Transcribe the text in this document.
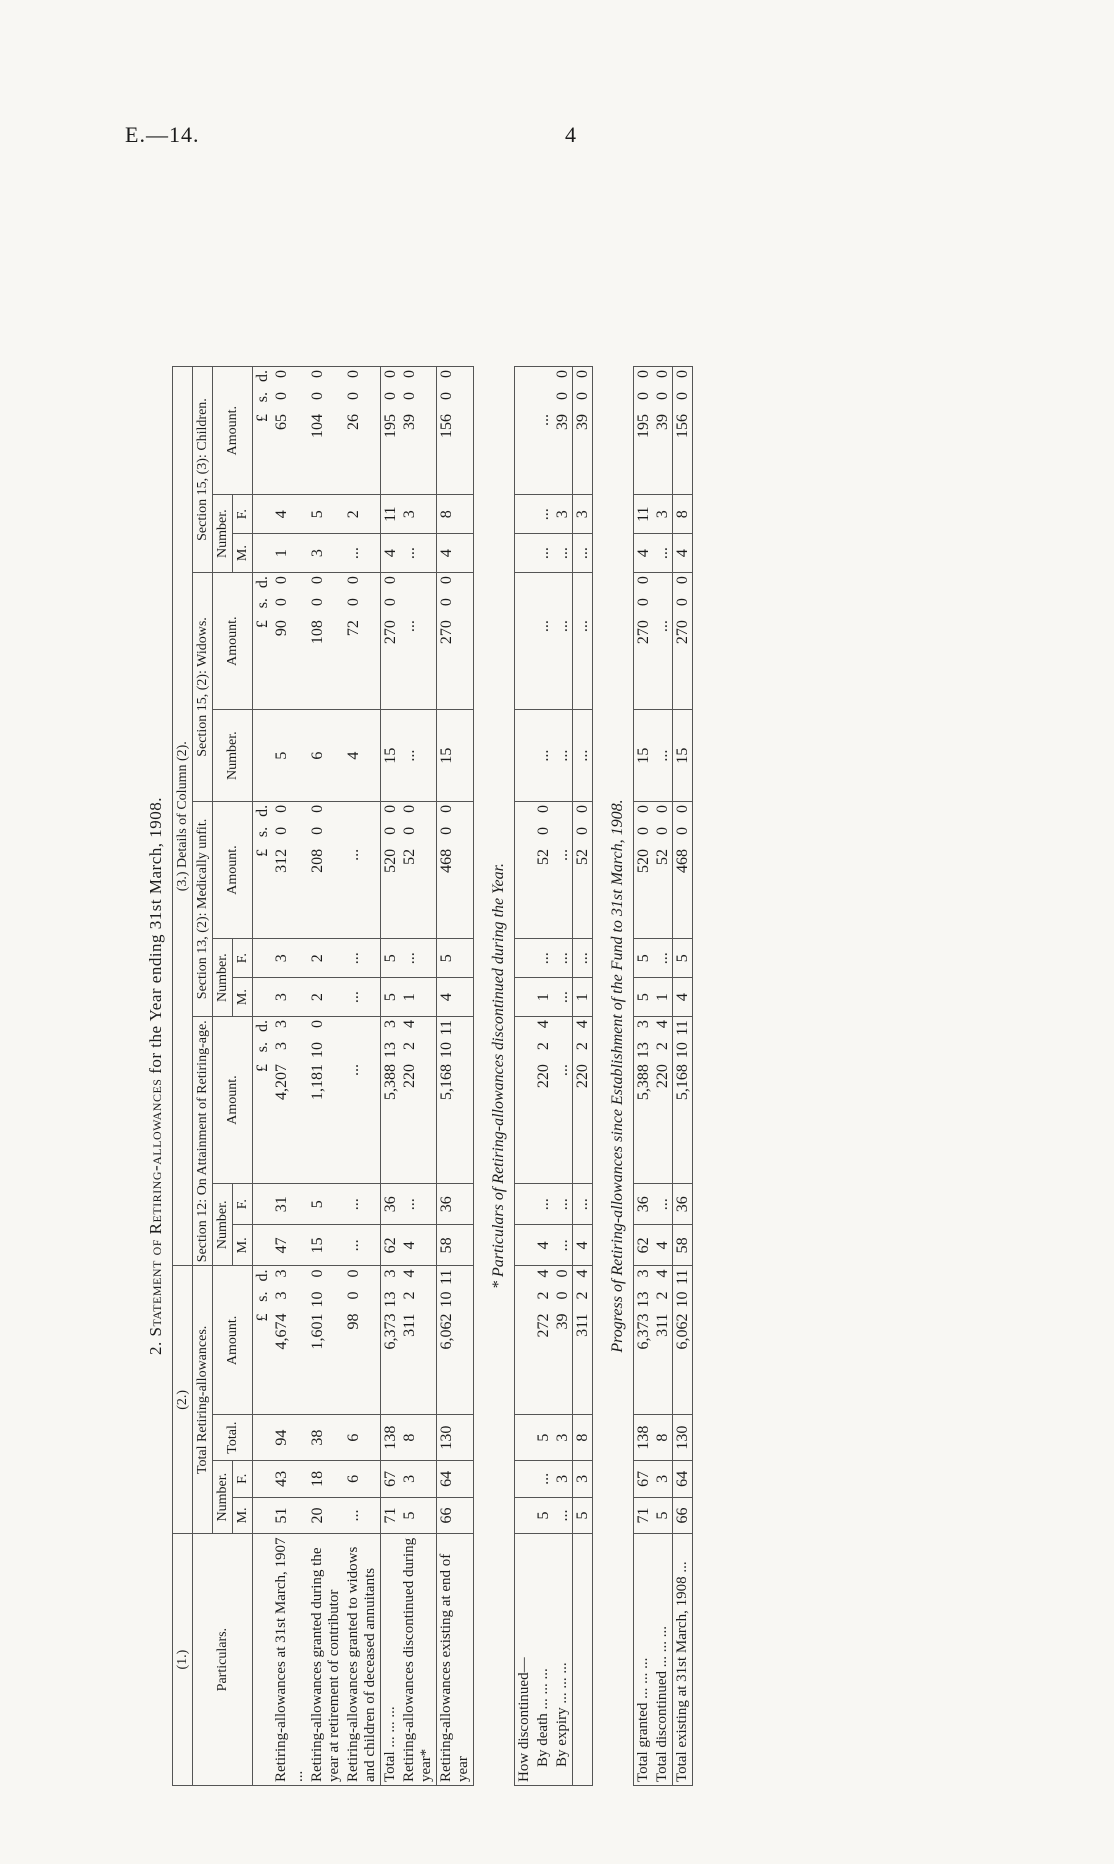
E.—14.	4
2. Statement of Retiring-allowances for the Year ending 31st March, 1908.
(1.)	(2.)				(3.) Details of Column (2).										
Particulars.	Total Retiring-allowances.				Section 12: On Attainment of Retiring-age.			Section 13, (2): Medically unfit.			Section 15, (2): Widows.		Section 15, (3): Children.		
	Number.		Total.	Amount.	Number.		Amount.	Number.		Amount.	Number.	Amount.	Number.		Amount.
	M.	F.			M.	F.		M.	F.				M.	F.	
				£ s. d.			£ s. d.			£ s. d.		£ s. d.			£ s. d.
Retiring-allowances at 31st March, 1907 ...	51	43	94	4,674 3 3	47	31	4,207 3 3	3	3	312 0 0	5	90 0 0	1	4	65 0 0
Retiring-allowances granted during the year at retirement of contributor	20	18	38	1,601 10 0	15	5	1,181 10 0	2	2	208 0 0	6	108 0 0	3	5	104 0 0
Retiring-allowances granted to widows and children of deceased annuitants	...	6	6	98 0 0	...	...	...	...	...	...	4	72 0 0	...	2	26 0 0
Total ... ... ...	71	67	138	6,373 13 3	62	36	5,388 13 3	5	5	520 0 0	15	270 0 0	4	11	195 0 0
Retiring-allowances discontinued during year*	5	3	8	311 2 4	4	...	220 2 4	1	...	52 0 0	...	...	...	3	39 0 0
Retiring-allowances existing at end of year	66	64	130	6,062 10 11	58	36	5,168 10 11	4	5	468 0 0	15	270 0 0	4	8	156 0 0
* Particulars of Retiring-allowances discontinued during the Year.
How discontinued—															
By death ... ... ...	5	...	5	272 2 4	4	...	220 2 4	1	...	52 0 0	...	...	...	...	...
By expiry ... ... ...	...	3	3	39 0 0	...	...	...	...	...	...	...	...	...	3	39 0 0
	5	3	8	311 2 4	4	...	220 2 4	1	...	52 0 0	...	...	...	3	39 0 0
Progress of Retiring-allowances since Establishment of the Fund to 31st March, 1908.
Total granted ... ... ...	71	67	138	6,373 13 3	62	36	5,388 13 3	5	5	520 0 0	15	270 0 0	4	11	195 0 0
Total discontinued ... ... ...	5	3	8	311 2 4	4	...	220 2 4	1	...	52 0 0	...	...	...	3	39 0 0
Total existing at 31st March, 1908 ...	66	64	130	6,062 10 11	58	36	5,168 10 11	4	5	468 0 0	15	270 0 0	4	8	156 0 0
